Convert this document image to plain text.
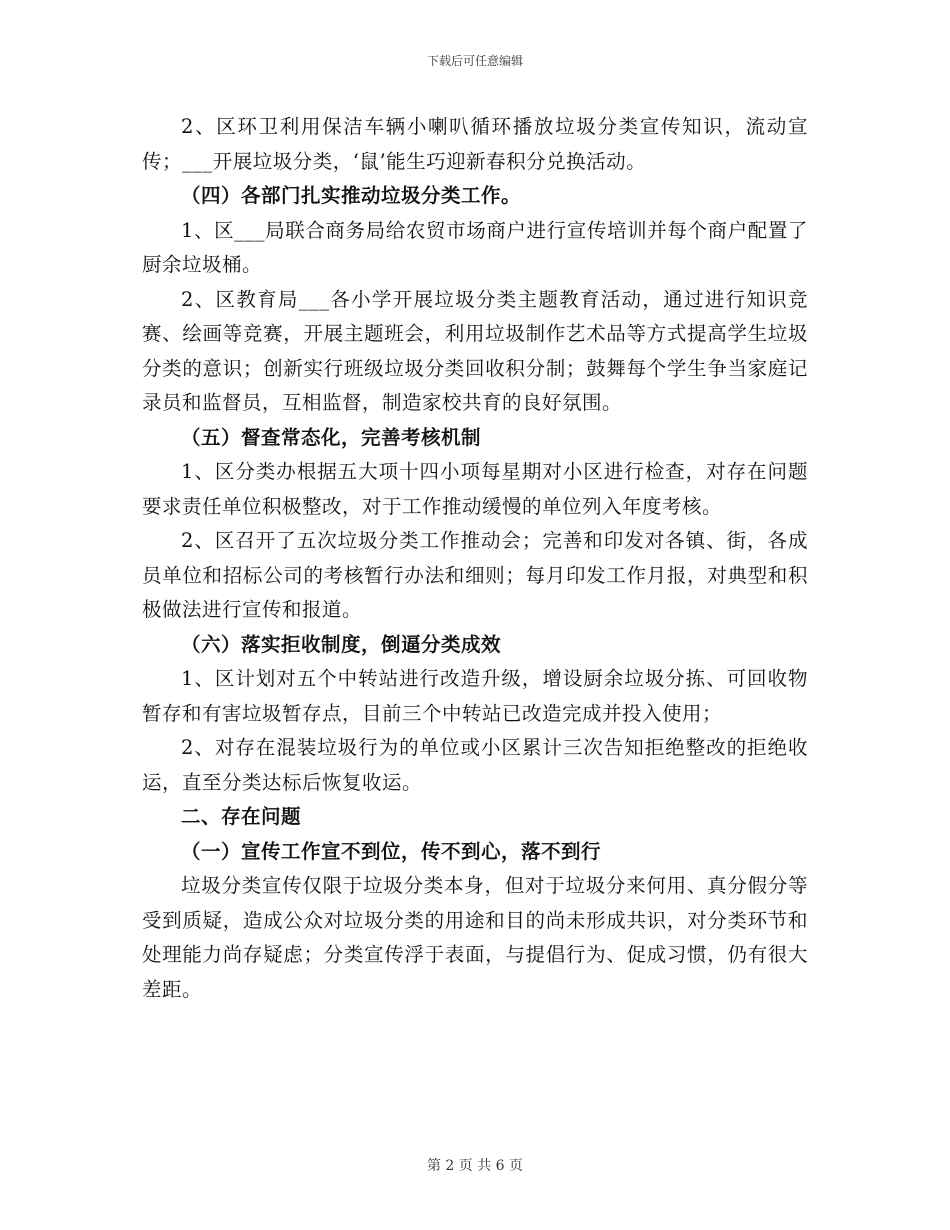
下载后可任意编辑

2、区环卫利用保洁车辆小喇叭循环播放垃圾分类宣传知识，流动宣传；___开展垃圾分类，‘鼠’能生巧迎新春积分兑换活动。

（四）各部门扎实推动垃圾分类工作。

1、区___局联合商务局给农贸市场商户进行宣传培训并每个商户配置了厨余垃圾桶。

2、区教育局___各小学开展垃圾分类主题教育活动，通过进行知识竞赛、绘画等竞赛，开展主题班会，利用垃圾制作艺术品等方式提高学生垃圾分类的意识；创新实行班级垃圾分类回收积分制；鼓舞每个学生争当家庭记录员和监督员，互相监督，制造家校共育的良好氛围。

（五）督查常态化，完善考核机制

1、区分类办根据五大项十四小项每星期对小区进行检查，对存在问题要求责任单位积极整改，对于工作推动缓慢的单位列入年度考核。

2、区召开了五次垃圾分类工作推动会；完善和印发对各镇、街，各成员单位和招标公司的考核暂行办法和细则；每月印发工作月报，对典型和积极做法进行宣传和报道。

（六）落实拒收制度，倒逼分类成效

1、区计划对五个中转站进行改造升级，增设厨余垃圾分拣、可回收物暂存和有害垃圾暂存点，目前三个中转站已改造完成并投入使用；

2、对存在混装垃圾行为的单位或小区累计三次告知拒绝整改的拒绝收运，直至分类达标后恢复收运。

二、存在问题

（一）宣传工作宣不到位，传不到心，落不到行

垃圾分类宣传仅限于垃圾分类本身，但对于垃圾分来何用、真分假分等受到质疑，造成公众对垃圾分类的用途和目的尚未形成共识，对分类环节和处理能力尚存疑虑；分类宣传浮于表面，与提倡行为、促成习惯，仍有很大差距。

第 2 页 共 6 页
